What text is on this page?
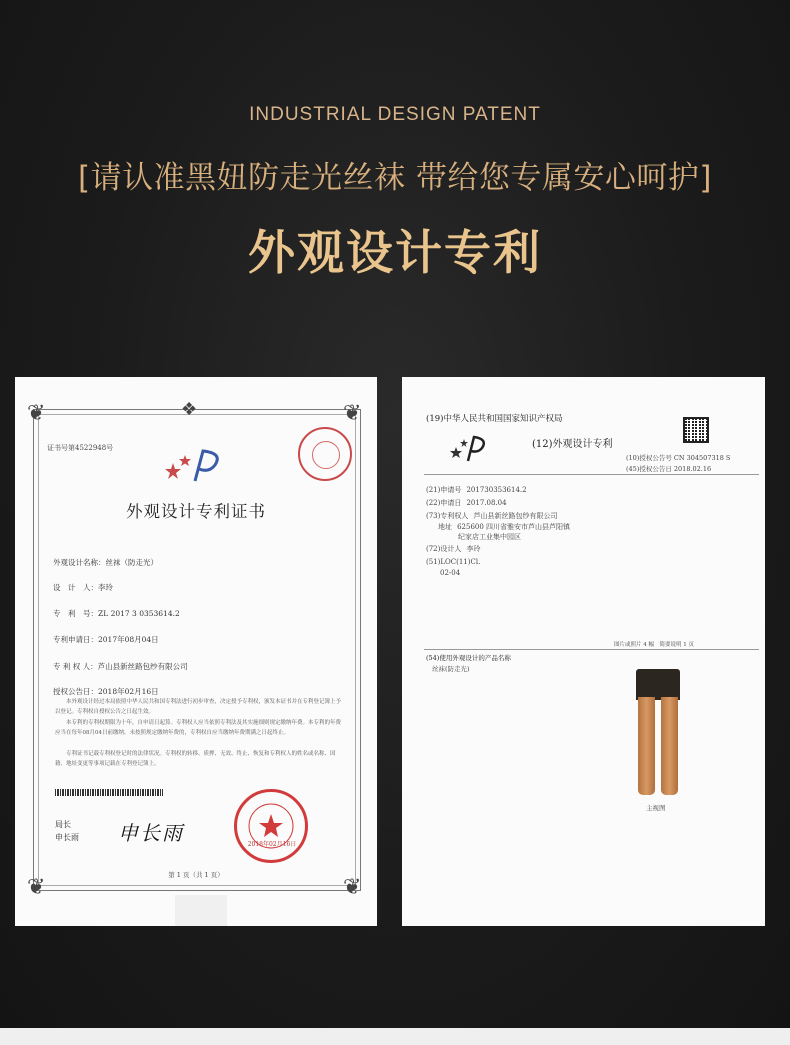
INDUSTRIAL DESIGN PATENT
[请认准黑妞防走光丝袜 带给您专属安心呵护]
外观设计专利
❦	❦
❦	❦
❖
证书号第4522948号
外观设计专利证书
外观设计名称：丝袜（防走光）
设　计　人：李玲
专　利　号：ZL 2017 3 0353614.2
专利申请日：2017年08月04日
专 利 权 人：芦山县新丝路包纱有限公司
授权公告日：2018年02月16日
本外观设计经过本局依照中华人民共和国专利法进行初步审查，决定授予专利权，颁发本证书并在专利登记簿上予以登记。专利权自授权公告之日起生效。
本专利的专利权期限为十年，自申请日起算。专利权人应当依照专利法及其实施细则规定缴纳年费。本专利的年费应当在每年08月04日前缴纳。未按照规定缴纳年费的，专利权自应当缴纳年费期满之日起终止。
专利证书记载专利权登记时的法律状况。专利权的转移、质押、无效、终止、恢复和专利权人的姓名或名称、国籍、地址变更等事项记载在专利登记簿上。
局长
申长雨 申长雨	2018年02月16日
第 1 页（共 1 页）
(19)中华人民共和国国家知识产权局
(12)外观设计专利
(10)授权公告号 CN 304507318 S
(45)授权公告日 2018.02.16
(21)申请号 201730353614.2
(22)申请日 2017.08.04
(73)专利权人 芦山县新丝路包纱有限公司
地址 625600 四川省雅安市芦山县芦阳镇
纪家店工业集中园区
(72)设计人 李玲
(51)LOC(11)Cl.
02-04
图片或照片 4 幅　简要说明 1 页
(54)使用外观设计的产品名称
丝袜(防走光)
主视图
